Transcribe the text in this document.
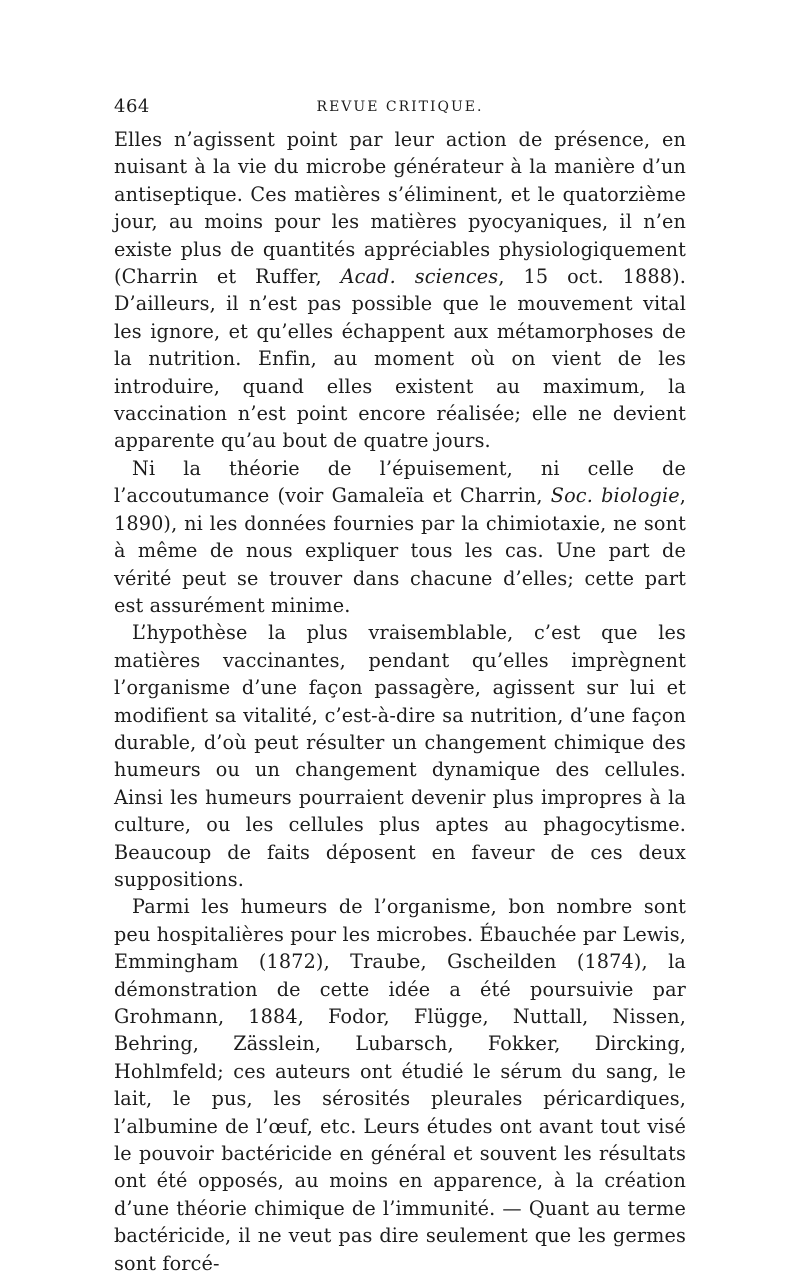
464	REVUE CRITIQUE.

Elles n’agissent point par leur action de présence, en nuisant à la vie du microbe générateur à la manière d’un antiseptique. Ces matières s’éliminent, et le quatorzième jour, au moins pour les matières pyocyaniques, il n’en existe plus de quantités appréciables physiologiquement (Charrin et Ruffer, Acad. sciences, 15 oct. 1888). D’ailleurs, il n’est pas possible que le mouvement vital les ignore, et qu’elles échappent aux métamorphoses de la nutrition. Enfin, au moment où on vient de les introduire, quand elles existent au maximum, la vaccination n’est point encore réalisée; elle ne devient apparente qu’au bout de quatre jours.

Ni la théorie de l’épuisement, ni celle de l’accoutumance (voir Gamaleïa et Charrin, Soc. biologie, 1890), ni les données fournies par la chimiotaxie, ne sont à même de nous expliquer tous les cas. Une part de vérité peut se trouver dans chacune d’elles; cette part est assurément minime.

L’hypothèse la plus vraisemblable, c’est que les matières vaccinantes, pendant qu’elles imprègnent l’organisme d’une façon passagère, agissent sur lui et modifient sa vitalité, c’est-à-dire sa nutrition, d’une façon durable, d’où peut résulter un changement chimique des humeurs ou un changement dynamique des cellules. Ainsi les humeurs pourraient devenir plus impropres à la culture, ou les cellules plus aptes au phagocytisme. Beaucoup de faits déposent en faveur de ces deux suppositions.

Parmi les humeurs de l’organisme, bon nombre sont peu hospitalières pour les microbes. Ébauchée par Lewis, Emmingham (1872), Traube, Gscheilden (1874), la démonstration de cette idée a été poursuivie par Grohmann, 1884, Fodor, Flügge, Nuttall, Nissen, Behring, Zässlein, Lubarsch, Fokker, Dircking, Hohlmfeld; ces auteurs ont étudié le sérum du sang, le lait, le pus, les sérosités pleurales péricardiques, l’albumine de l’œuf, etc. Leurs études ont avant tout visé le pouvoir bactéricide en général et souvent les résultats ont été opposés, au moins en apparence, à la création d’une théorie chimique de l’immunité. — Quant au terme bactéricide, il ne veut pas dire seulement que les germes sont forcé-
